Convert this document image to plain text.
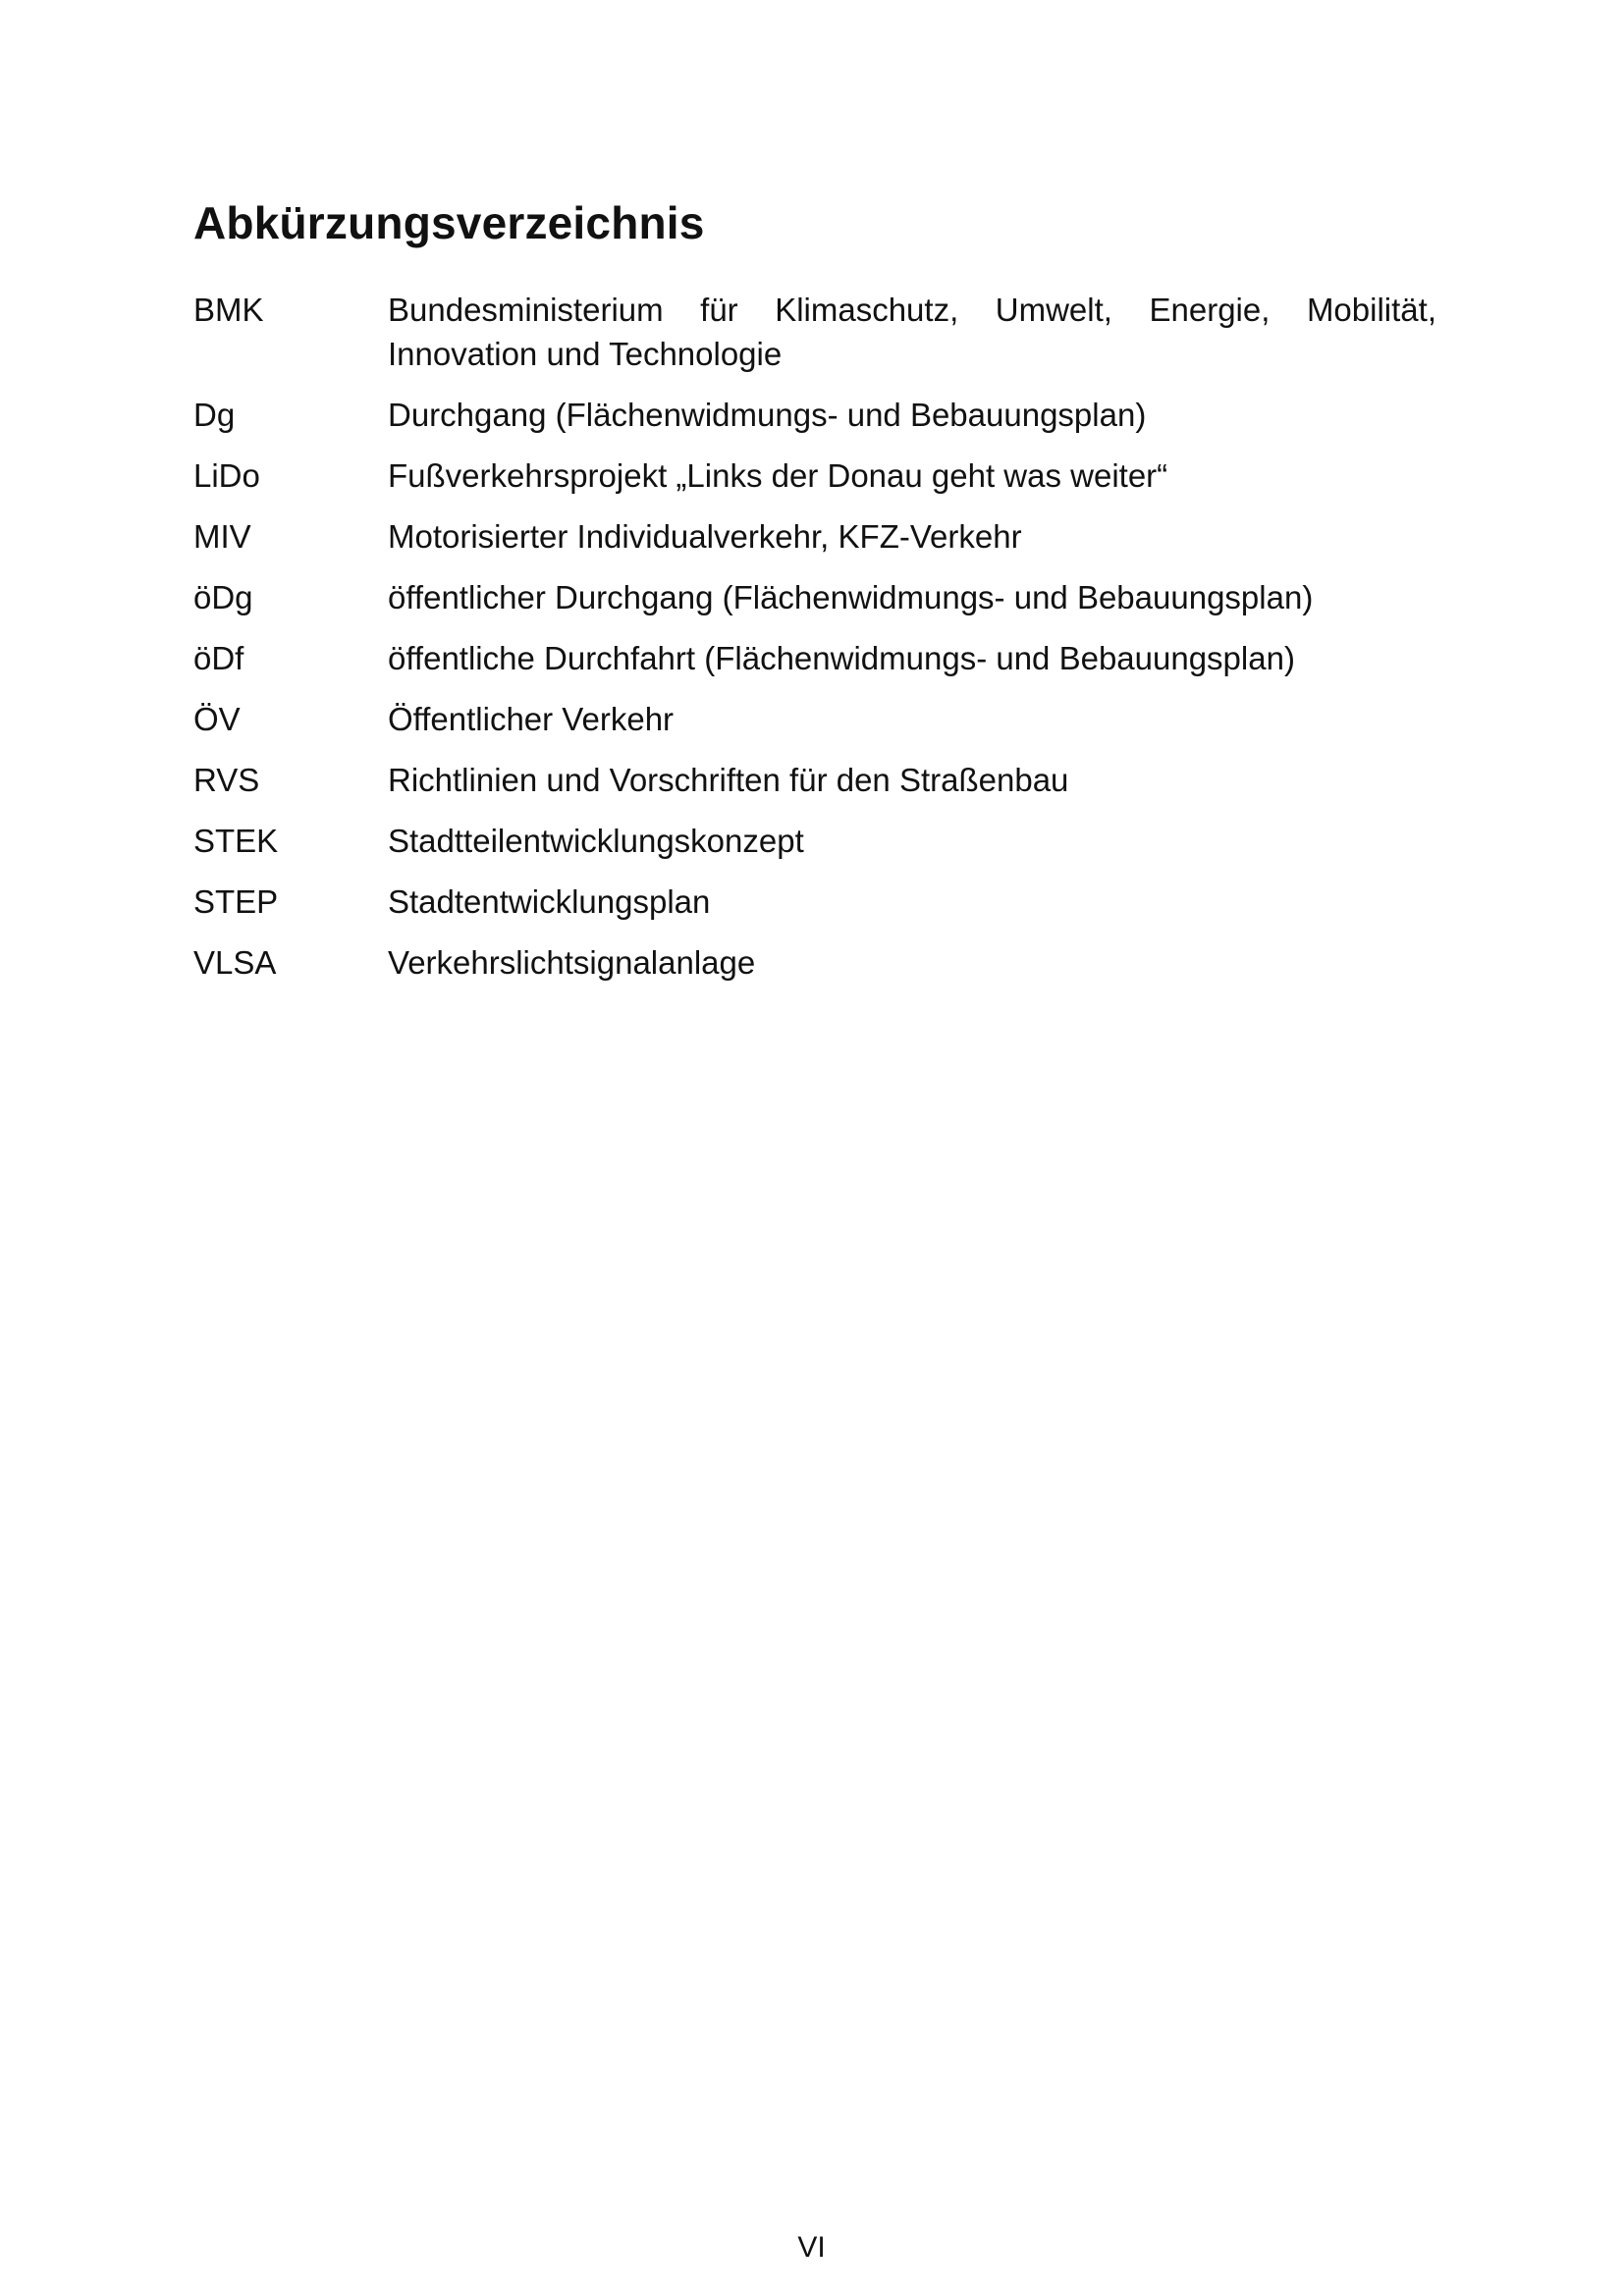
Abkürzungsverzeichnis
BMK	Bundesministerium für Klimaschutz, Umwelt, Energie, Mobilität, Innovation und Technologie
Dg	Durchgang (Flächenwidmungs- und Bebauungsplan)
LiDo	Fußverkehrsprojekt „Links der Donau geht was weiter“
MIV	Motorisierter Individualverkehr, KFZ-Verkehr
öDg	öffentlicher Durchgang (Flächenwidmungs- und Bebauungsplan)
öDf	öffentliche Durchfahrt (Flächenwidmungs- und Bebauungsplan)
ÖV	Öffentlicher Verkehr
RVS	Richtlinien und Vorschriften für den Straßenbau
STEK	Stadtteilentwicklungskonzept
STEP	Stadtentwicklungsplan
VLSA	Verkehrslichtsignalanlage
VI
